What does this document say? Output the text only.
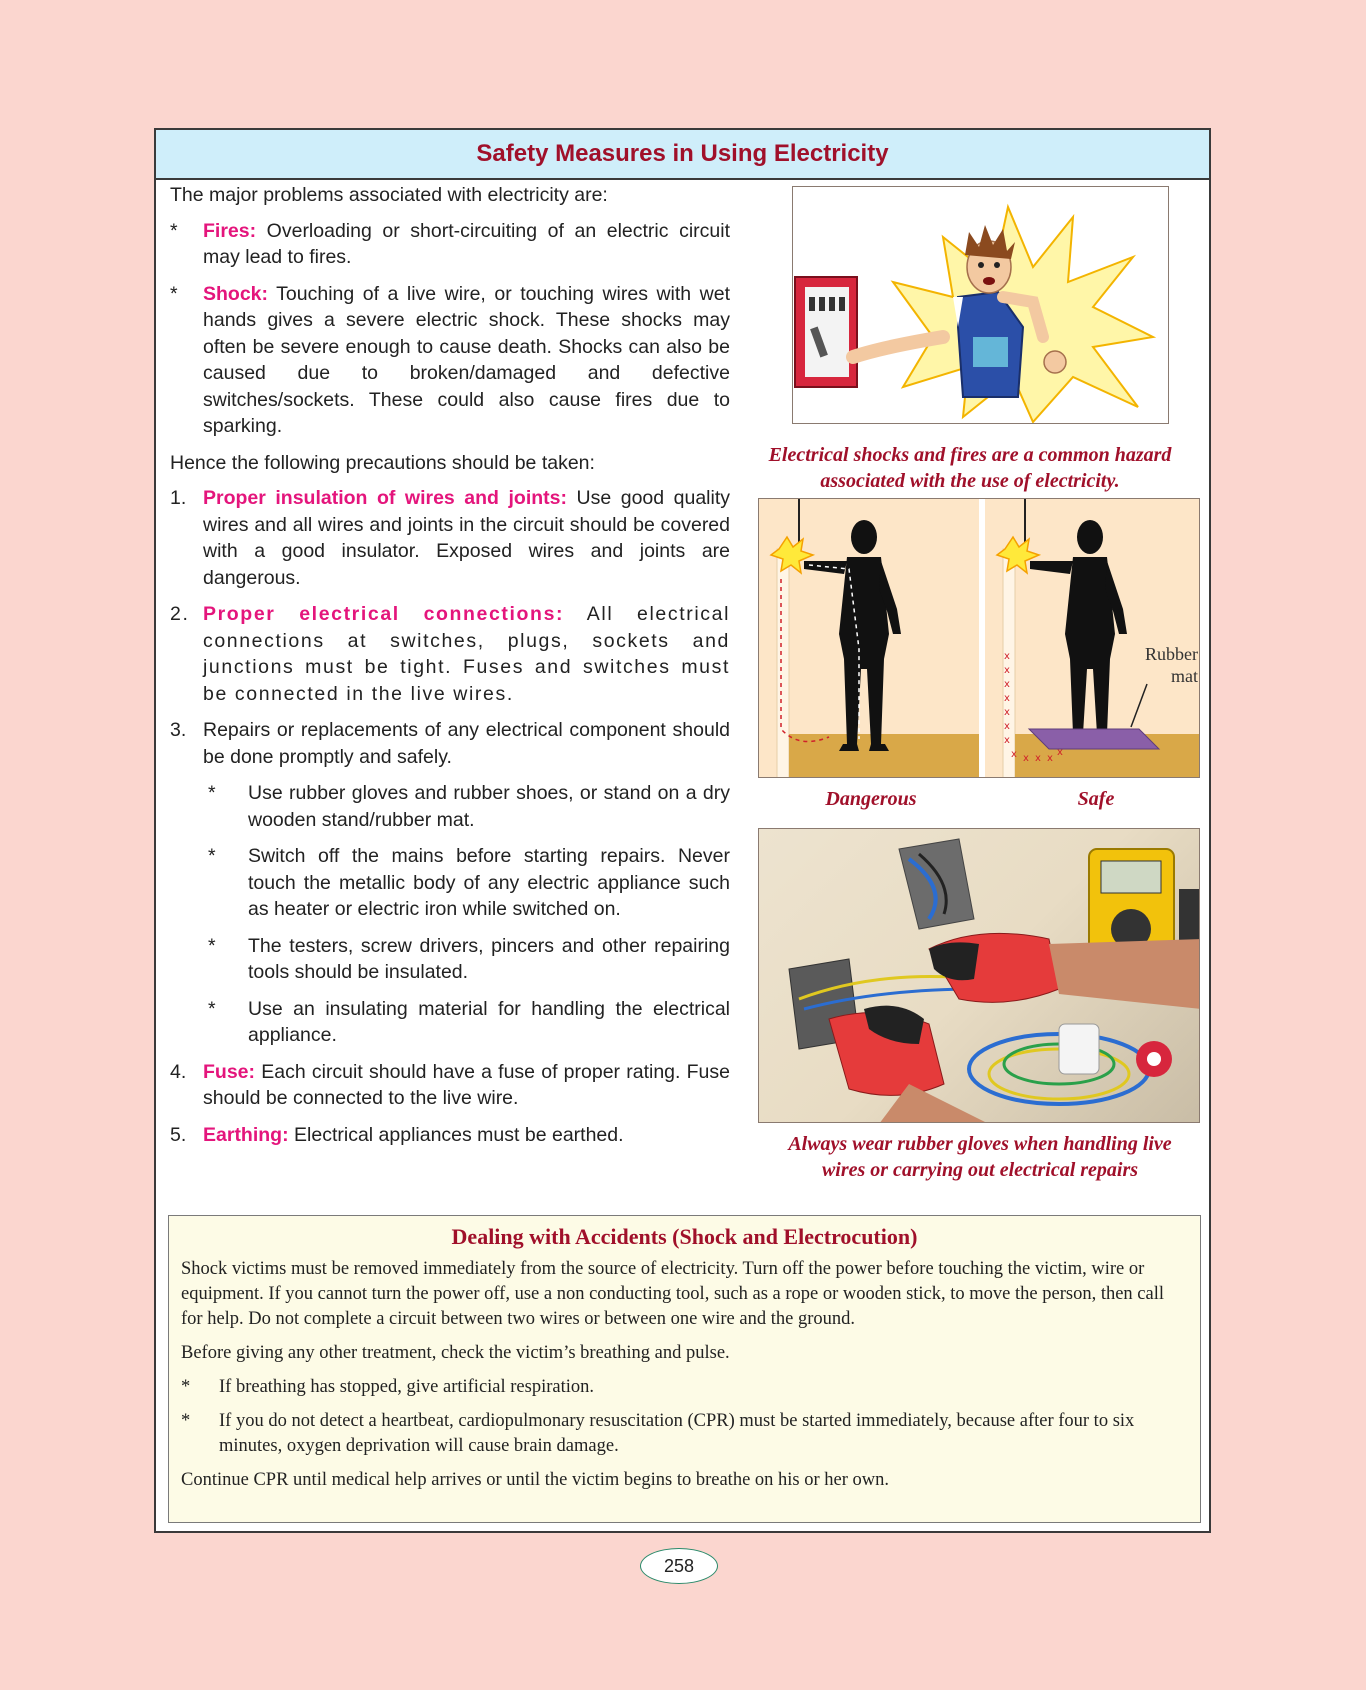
Safety Measures in Using Electricity

The major problems associated with electricity are:

* Fires: Overloading or short-circuiting of an electric circuit may lead to fires.
* Shock: Touching of a live wire, or touching wires with wet hands gives a severe electric shock. These shocks may often be severe enough to cause death. Shocks can also be caused due to broken/damaged and defective switches/sockets. These could also cause fires due to sparking.

Hence the following precautions should be taken:

1. Proper insulation of wires and joints: Use good quality wires and all wires and joints in the circuit should be covered with a good insulator. Exposed wires and joints are dangerous.
2. Proper electrical connections: All electrical connections at switches, plugs, sockets and junctions must be tight. Fuses and switches must be connected in the live wires.
3. Repairs or replacements of any electrical component should be done promptly and safely.
* Use rubber gloves and rubber shoes, or stand on a dry wooden stand/rubber mat.
* Switch off the mains before starting repairs. Never touch the metallic body of any electric appliance such as heater or electric iron while switched on.
* The testers, screw drivers, pincers and other repairing tools should be insulated.
* Use an insulating material for handling the electrical appliance.
4. Fuse: Each circuit should have a fuse of proper rating. Fuse should be connected to the live wire.
5. Earthing: Electrical appliances must be earthed.
Electrical shocks and fires are a common hazard
associated with the use of electricity.
x
x
x
x
x
x
x
x x x x
x
Rubber
mat
Dangerous	Safe
Always wear rubber gloves when handling live
wires or carrying out electrical repairs
Dealing with Accidents (Shock and Electrocution)

Shock victims must be removed immediately from the source of electricity. Turn off the power before touching the victim, wire or equipment. If you cannot turn the power off, use a non conducting tool, such as a rope or wooden stick, to move the person, then call for help. Do not complete a circuit between two wires or between one wire and the ground.

Before giving any other treatment, check the victim’s breathing and pulse.

* If breathing has stopped, give artificial respiration.
* If you do not detect a heartbeat, cardiopulmonary resuscitation (CPR) must be started immediately, because after four to six minutes, oxygen deprivation will cause brain damage.

Continue CPR until medical help arrives or until the victim begins to breathe on his or her own.

258
